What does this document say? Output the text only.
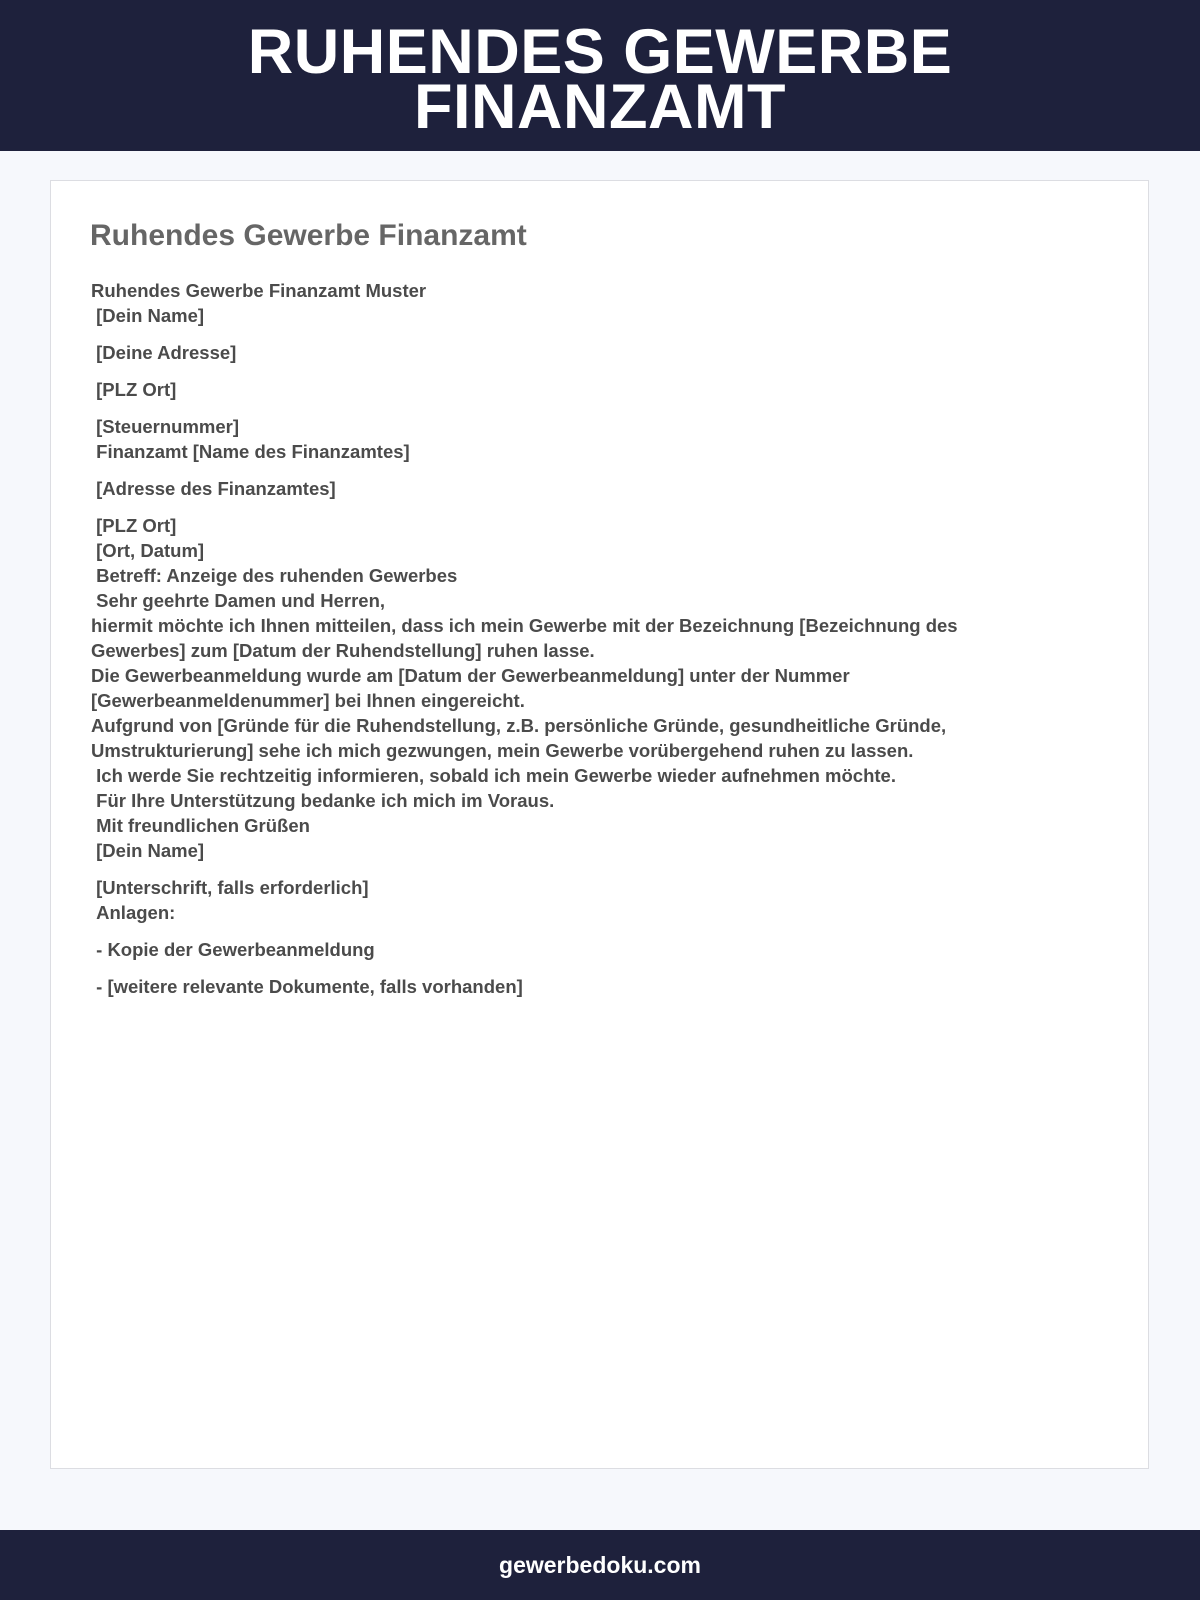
RUHENDES GEWERBE
FINANZAMT
Ruhendes Gewerbe Finanzamt
Ruhendes Gewerbe Finanzamt Muster
[Dein Name]
[Deine Adresse]
[PLZ Ort]
[Steuernummer]
Finanzamt [Name des Finanzamtes]
[Adresse des Finanzamtes]
[PLZ Ort]
[Ort, Datum]
Betreff: Anzeige des ruhenden Gewerbes
Sehr geehrte Damen und Herren,
hiermit möchte ich Ihnen mitteilen, dass ich mein Gewerbe mit der Bezeichnung [Bezeichnung des Gewerbes] zum [Datum der Ruhendstellung] ruhen lasse.
Die Gewerbeanmeldung wurde am [Datum der Gewerbeanmeldung] unter der Nummer [Gewerbeanmeldenummer] bei Ihnen eingereicht.
Aufgrund von [Gründe für die Ruhendstellung, z.B. persönliche Gründe, gesundheitliche Gründe, Umstrukturierung] sehe ich mich gezwungen, mein Gewerbe vorübergehend ruhen zu lassen.
Ich werde Sie rechtzeitig informieren, sobald ich mein Gewerbe wieder aufnehmen möchte.
Für Ihre Unterstützung bedanke ich mich im Voraus.
Mit freundlichen Grüßen
[Dein Name]
[Unterschrift, falls erforderlich]
Anlagen:
- Kopie der Gewerbeanmeldung
- [weitere relevante Dokumente, falls vorhanden]
gewerbedoku.com
